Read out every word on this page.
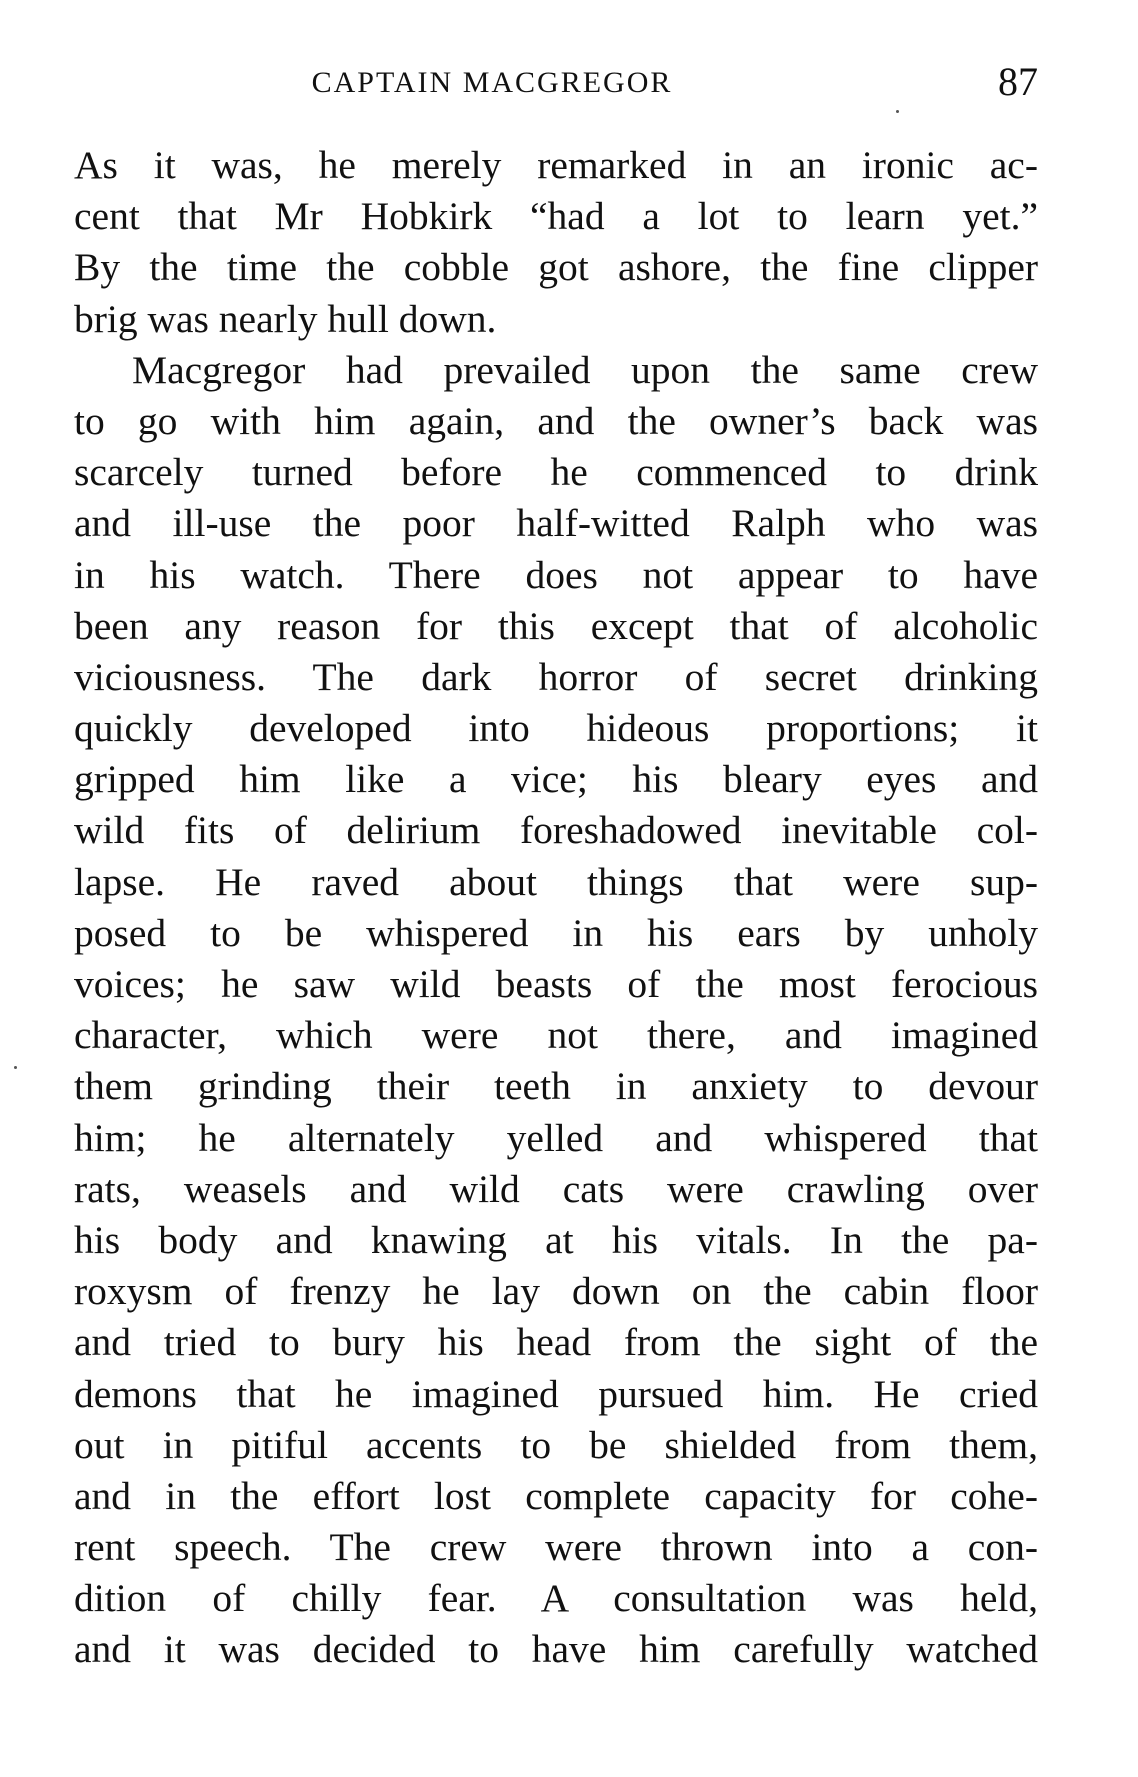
CAPTAIN MACGREGOR	87
As it was, he merely remarked in an ironic ac-
cent that Mr Hobkirk “had a lot to learn yet.”
By the time the cobble got ashore, the fine clipper
brig was nearly hull down.
Macgregor had prevailed upon the same crew
to go with him again, and the owner’s back was
scarcely turned before he commenced to drink
and ill-use the poor half-witted Ralph who was
in his watch. There does not appear to have
been any reason for this except that of alcoholic
viciousness. The dark horror of secret drinking
quickly developed into hideous proportions; it
gripped him like a vice; his bleary eyes and
wild fits of delirium foreshadowed inevitable col-
lapse. He raved about things that were sup-
posed to be whispered in his ears by unholy
voices; he saw wild beasts of the most ferocious
character, which were not there, and imagined
them grinding their teeth in anxiety to devour
him; he alternately yelled and whispered that
rats, weasels and wild cats were crawling over
his body and knawing at his vitals. In the pa-
roxysm of frenzy he lay down on the cabin floor
and tried to bury his head from the sight of the
demons that he imagined pursued him. He cried
out in pitiful accents to be shielded from them,
and in the effort lost complete capacity for cohe-
rent speech. The crew were thrown into a con-
dition of chilly fear. A consultation was held,
and it was decided to have him carefully watched
